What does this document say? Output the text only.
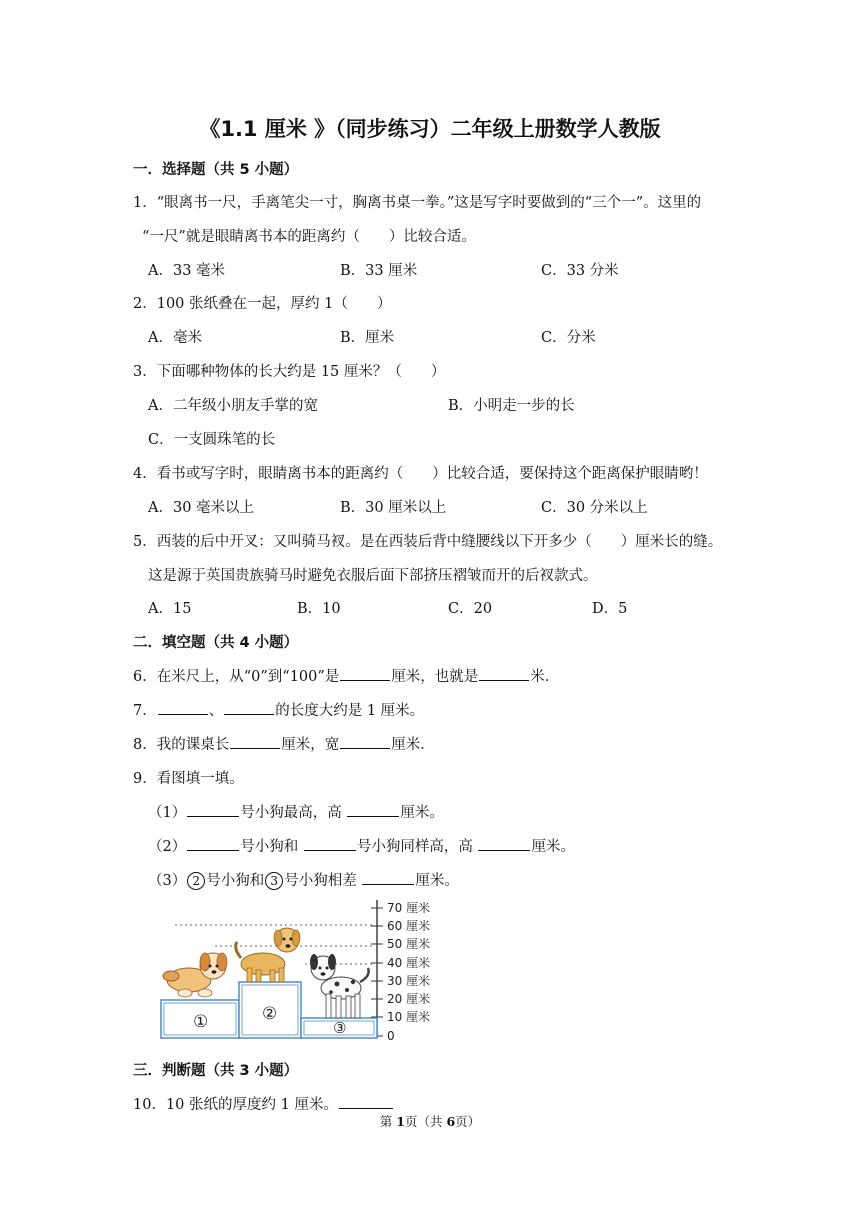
《1.1 厘米 》（同步练习）二年级上册数学人教版
一．选择题（共 5 小题）
1．“眼离书一尺，手离笔尖一寸，胸离书桌一拳。”这是写字时要做到的“三个一”。这里的
“一尺”就是眼睛离书本的距离约（　　）比较合适。
A．33 毫米	B．33 厘米	C．33 分米
2．100 张纸叠在一起，厚约 1（　　）
A．毫米	B．厘米	C．分米
3．下面哪种物体的长大约是 15 厘米？（　　）
A．二年级小朋友手掌的宽	B．小明走一步的长
C．一支圆珠笔的长
4．看书或写字时，眼睛离书本的距离约（　　）比较合适，要保持这个距离保护眼睛哟！
A．30 毫米以上	B．30 厘米以上	C．30 分米以上
5．西装的后中开叉：又叫骑马衩。是在西装后背中缝腰线以下开多少（　　）厘米长的缝。
这是源于英国贵族骑马时避免衣服后面下部挤压褶皱而开的后衩款式。
A．15	B．10	C．20	D．5
二．填空题（共 4 小题）
6．在米尺上，从“0”到“100”是	厘米，也就是	米．
7．	、	的长度大约是 1 厘米。
8．我的课桌长	厘米，宽	厘米．
9．看图填一填。
（1）	号小狗最高，高	厘米。
（2）	号小狗和	号小狗同样高，高	厘米。
（3） 2 号小狗和 3 号小狗相差	厘米。
70 厘米
60 厘米
50 厘米
40 厘米
30 厘米
20 厘米
10 厘米
0
①	②
③
三．判断题（共 3 小题）
10．10 张纸的厚度约 1 厘米。
第 1页（共 6页）
